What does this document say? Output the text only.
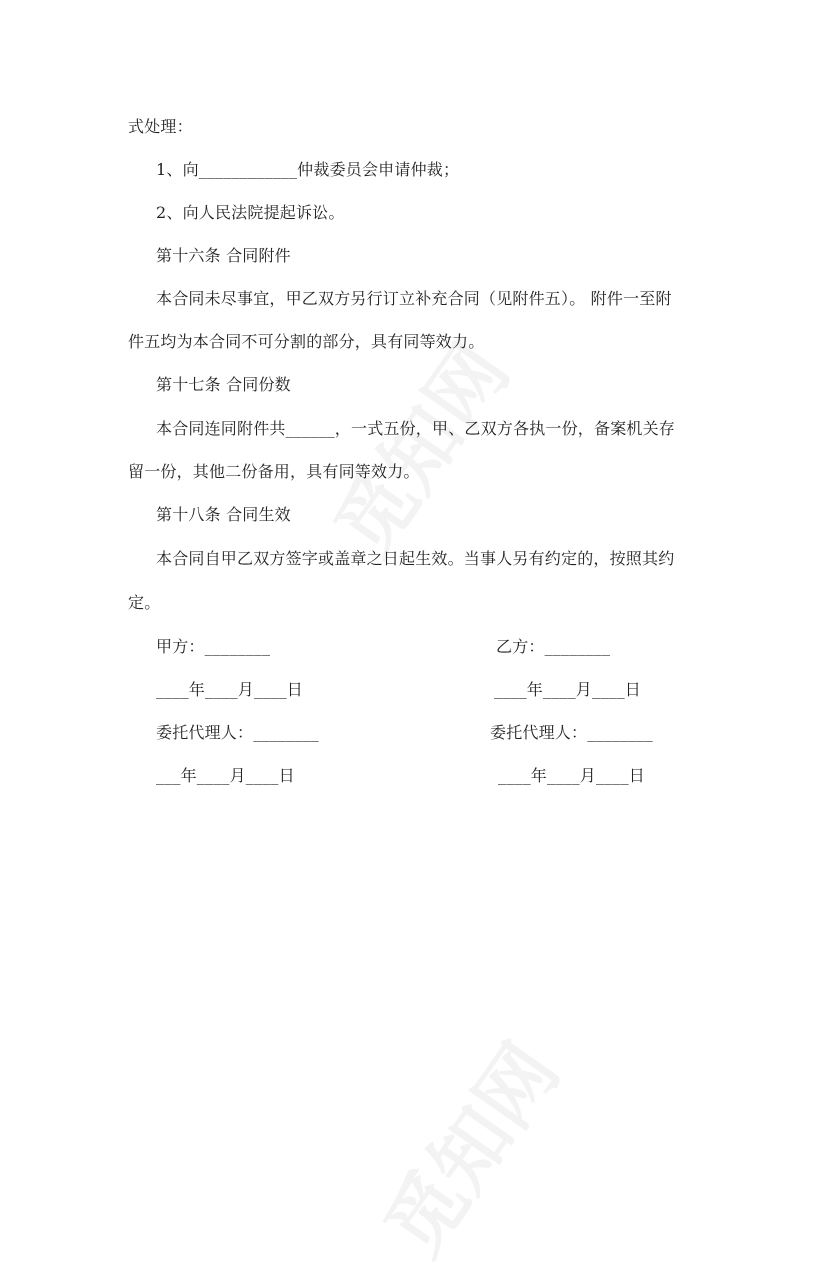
式处理：
1、向____________仲裁委员会申请仲裁；
2、向人民法院提起诉讼。
第十六条 合同附件
本合同未尽事宜，甲乙双方另行订立补充合同（见附件五）。 附件一至附
件五均为本合同不可分割的部分，具有同等效力。
第十七条 合同份数
本合同连同附件共______，一式五份，甲、乙双方各执一份，备案机关存
留一份，其他二份备用，具有同等效力。
第十八条 合同生效
本合同自甲乙双方签字或盖章之日起生效。当事人另有约定的，按照其约
定。
甲方：________	乙方：________
____年____月____日	____年____月____日
委托代理人：________	委托代理人：________
___年____月____日	____年____月____日
